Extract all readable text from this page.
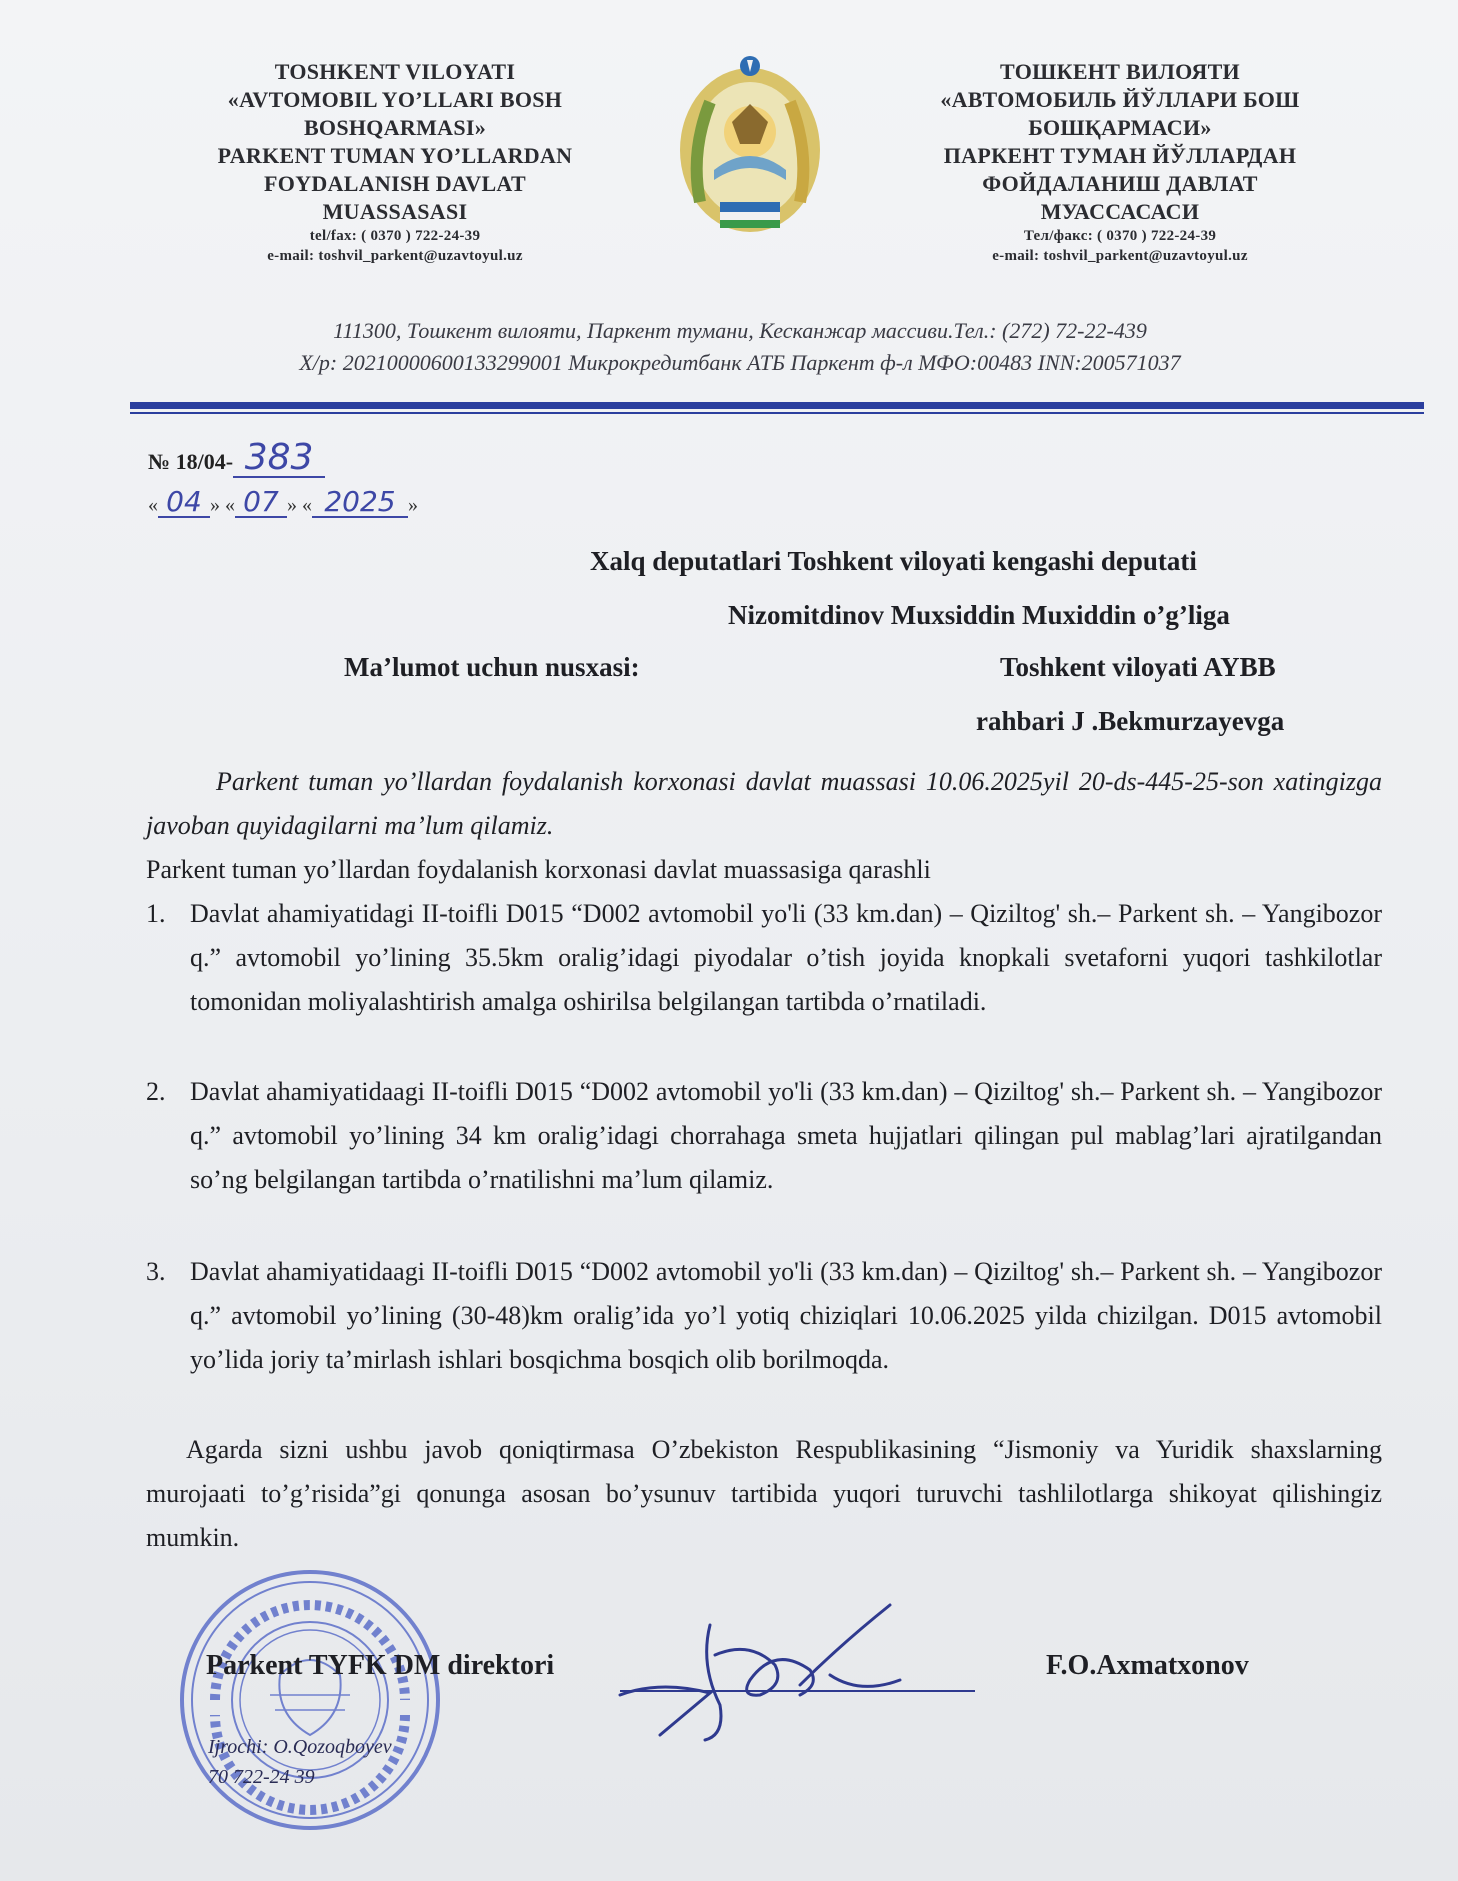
TOSHKENT VILOYATI
«AVTOMOBIL YO’LLARI BOSH
BOSHQARMASI»
PARKENT TUMAN YO’LLARDAN
FOYDALANISH DAVLAT
MUASSASASI
tel/fax: ( 0370 ) 722-24-39
e-mail: toshvil_parkent@uzavtoyul.uz
ТОШКЕНТ ВИЛОЯТИ
«АВТОМОБИЛЬ ЙЎЛЛАРИ БОШ
БОШҚАРМАСИ»
ПАРКЕНТ ТУМАН ЙЎЛЛАРДАН
ФОЙДАЛАНИШ ДАВЛАТ
МУАССАСАСИ
Тел/факс: ( 0370 ) 722-24-39
e-mail: toshvil_parkent@uzavtoyul.uz
111300, Тошкент вилояти, Паркент тумани, Кесканжар массиви.Тел.: (272) 72-22-439
Х/р: 20210000600133299001 Микрокредитбанк АТБ Паркент ф-л МФО:00483 INN:200571037
№ 18/04- 383
« 04 » « 07 » « 2025 »
Xalq deputatlari Toshkent viloyati kengashi deputati
Nizomitdinov Muxsiddin Muxiddin o’g’liga
Ma’lumot uchun nusxasi:	Toshkent viloyati AYBB
rahbari J .Bekmurzayevga
Parkent tuman yo’llardan foydalanish korxonasi davlat muassasi 10.06.2025yil 20-ds-445-25-son xatingizga javoban quyidagilarni ma’lum qilamiz.
Parkent tuman yo’llardan foydalanish korxonasi davlat muassasiga qarashli
1. Davlat ahamiyatidagi II-toifli D015 “D002 avtomobil yo'li (33 km.dan) – Qiziltog' sh.– Parkent sh. – Yangibozor q.” avtomobil yo’lining 35.5km oralig’idagi piyodalar o’tish joyida knopkali svetaforni yuqori tashkilotlar tomonidan moliyalashtirish amalga oshirilsa belgilangan tartibda o’rnatiladi.
2. Davlat ahamiyatidaagi II-toifli D015 “D002 avtomobil yo'li (33 km.dan) – Qiziltog' sh.– Parkent sh. – Yangibozor q.” avtomobil yo’lining 34 km oralig’idagi chorrahaga smeta hujjatlari qilingan pul mablag’lari ajratilgandan so’ng belgilangan tartibda o’rnatilishni ma’lum qilamiz.
3. Davlat ahamiyatidaagi II-toifli D015 “D002 avtomobil yo'li (33 km.dan) – Qiziltog' sh.– Parkent sh. – Yangibozor q.” avtomobil yo’lining (30-48)km oralig’ida yo’l yotiq chiziqlari 10.06.2025 yilda chizilgan. D015 avtomobil yo’lida joriy ta’mirlash ishlari bosqichma bosqich olib borilmoqda.
Agarda sizni ushbu javob qoniqtirmasa O’zbekiston Respublikasining “Jismoniy va Yuridik shaxslarning murojaati to’g’risida”gi qonunga asosan bo’ysunuv tartibida yuqori turuvchi tashlilotlarga shikoyat qilishingiz mumkin.
Parkent TYFK DM direktori	F.O.Axmatxonov
Ijrochi: O.Qozoqboyev
70 722-24 39
